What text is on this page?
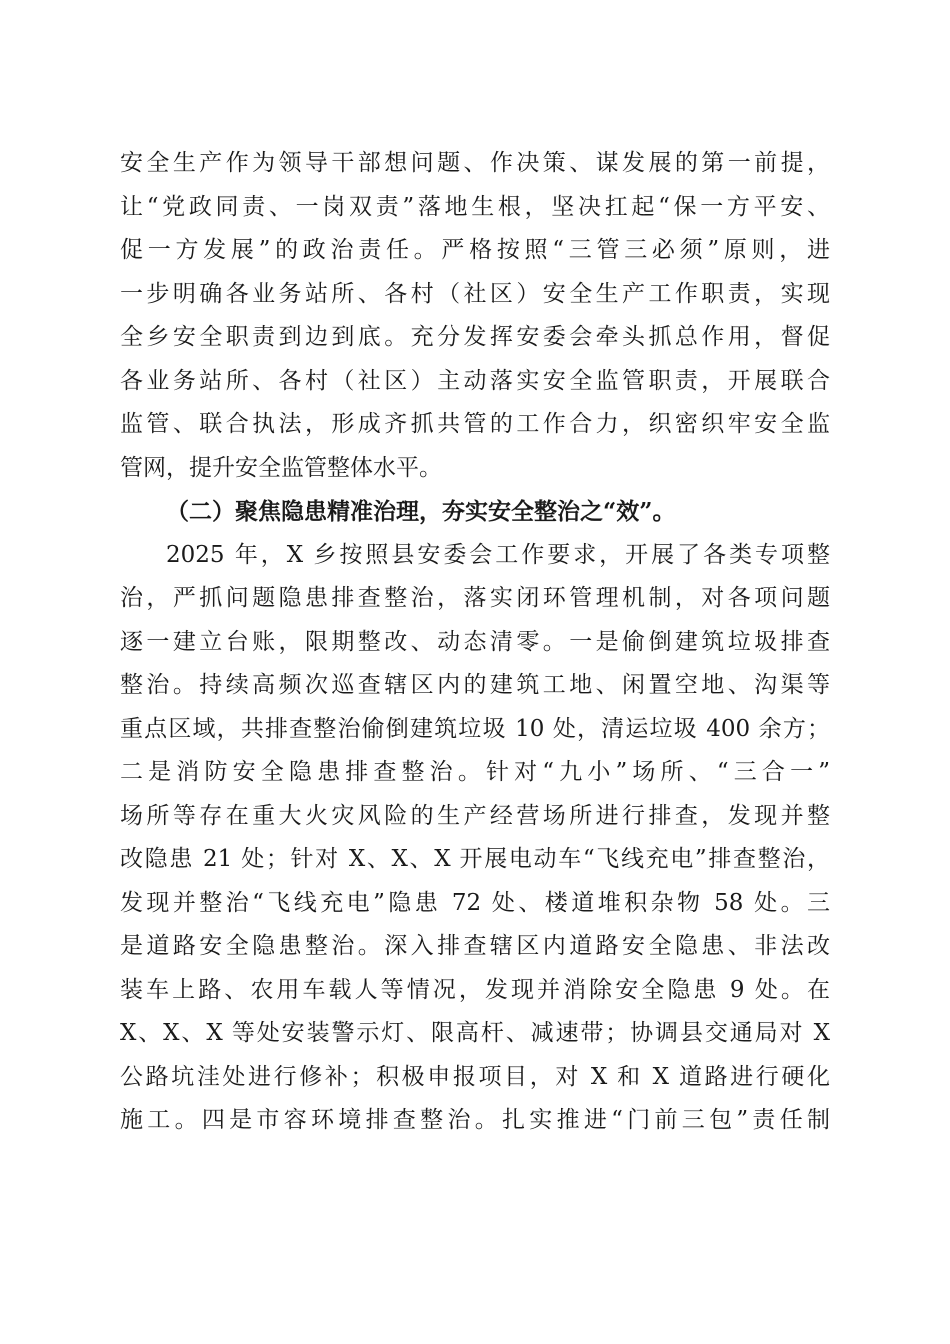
安全生产作为领导干部想问题、作决策、谋发展的第一前提，
让“党政同责、一岗双责”落地生根，坚决扛起“保一方平安、
促一方发展”的政治责任。严格按照“三管三必须”原则，进
一步明确各业务站所、各村（社区）安全生产工作职责，实现
全乡安全职责到边到底。充分发挥安委会牵头抓总作用，督促
各业务站所、各村（社区）主动落实安全监管职责，开展联合
监管、联合执法，形成齐抓共管的工作合力，织密织牢安全监
管网，提升安全监管整体水平。
（二）聚焦隐患精准治理，夯实安全整治之“效”。
2025 年，X 乡按照县安委会工作要求，开展了各类专项整
治，严抓问题隐患排查整治，落实闭环管理机制，对各项问题
逐一建立台账，限期整改、动态清零。一是偷倒建筑垃圾排查
整治。持续高频次巡查辖区内的建筑工地、闲置空地、沟渠等
重点区域，共排查整治偷倒建筑垃圾 10 处，清运垃圾 400 余方；
二是消防安全隐患排查整治。针对“九小”场所、“三合一”
场所等存在重大火灾风险的生产经营场所进行排查，发现并整
改隐患 21 处；针对 X、X、X 开展电动车“飞线充电”排查整治，
发现并整治“飞线充电”隐患 72 处、楼道堆积杂物 58 处。三
是道路安全隐患整治。深入排查辖区内道路安全隐患、非法改
装车上路、农用车载人等情况，发现并消除安全隐患 9 处。在
X、X、X 等处安装警示灯、限高杆、减速带；协调县交通局对 X
公路坑洼处进行修补；积极申报项目，对 X 和 X 道路进行硬化
施工。四是市容环境排查整治。扎实推进“门前三包”责任制
